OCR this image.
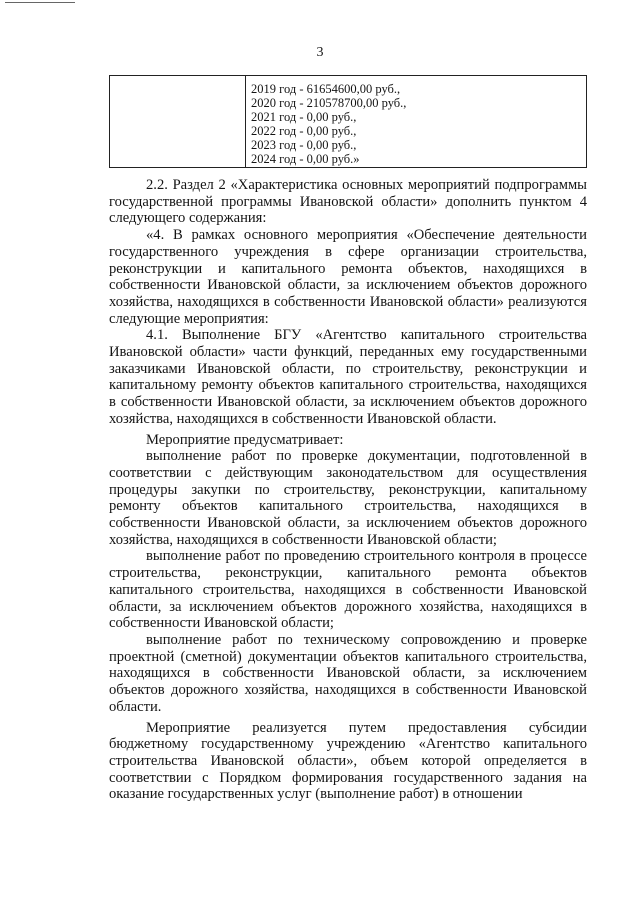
3
2019 год - 61654600,00 руб.,
2020 год - 210578700,00 руб.,
2021 год - 0,00 руб.,
2022 год - 0,00 руб.,
2023 год - 0,00 руб.,
2024 год - 0,00 руб.»

2.2. Раздел 2 «Характеристика основных мероприятий подпрограммы государственной программы Ивановской области» дополнить пунктом 4 следующего содержания:

«4. В рамках основного мероприятия «Обеспечение деятельности государственного учреждения в сфере организации строительства, реконструкции и капитального ремонта объектов, находящихся в собственности Ивановской области, за исключением объектов дорожного хозяйства, находящихся в собственности Ивановской области» реализуются следующие мероприятия:

4.1. Выполнение БГУ «Агентство капитального строительства Ивановской области» части функций, переданных ему государственными заказчиками Ивановской области, по строительству, реконструкции и капитальному ремонту объектов капитального строительства, находящихся в собственности Ивановской области, за исключением объектов дорожного хозяйства, находящихся в собственности Ивановской области.

Мероприятие предусматривает:

выполнение работ по проверке документации, подготовленной в соответствии с действующим законодательством для осуществления процедуры закупки по строительству, реконструкции, капитальному ремонту объектов капитального строительства, находящихся в собственности Ивановской области, за исключением объектов дорожного хозяйства, находящихся в собственности Ивановской области;

выполнение работ по проведению строительного контроля в процессе строительства, реконструкции, капитального ремонта объектов капитального строительства, находящихся в собственности Ивановской области, за исключением объектов дорожного хозяйства, находящихся в собственности Ивановской области;

выполнение работ по техническому сопровождению и проверке проектной (сметной) документации объектов капитального строительства, находящихся в собственности Ивановской области, за исключением объектов дорожного хозяйства, находящихся в собственности Ивановской области.

Мероприятие реализуется путем предоставления субсидии бюджетному государственному учреждению «Агентство капитального строительства Ивановской области», объем которой определяется в соответствии с Порядком формирования государственного задания на оказание государственных услуг (выполнение работ) в отношении
